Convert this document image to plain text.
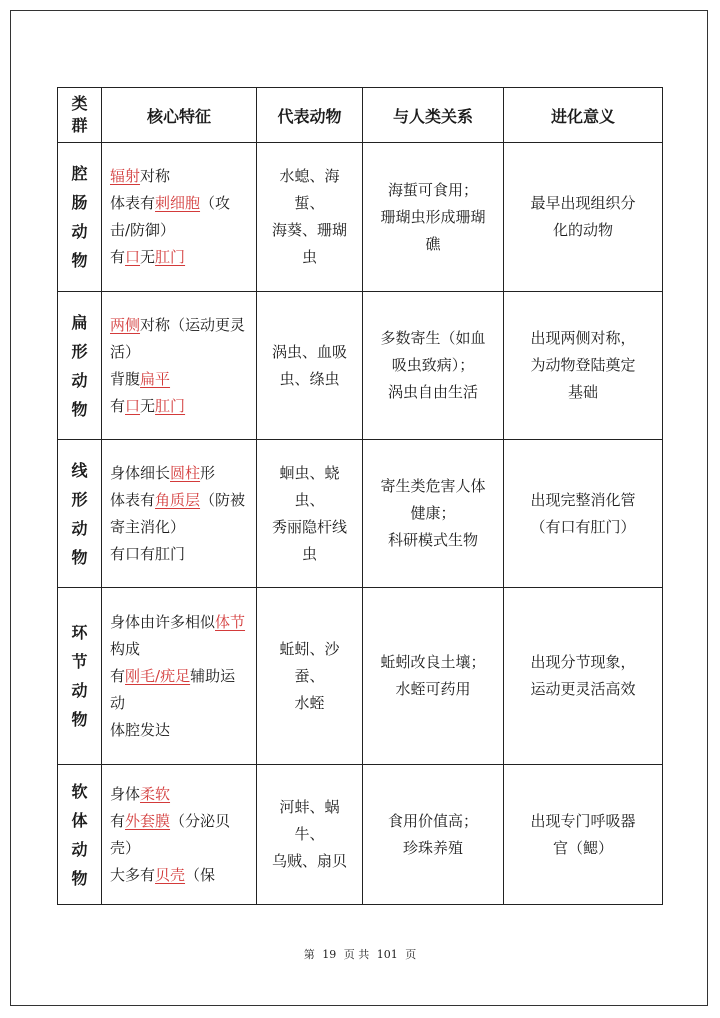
类
群	核心特征	代表动物	与人类关系	进化意义

腔
肠
动
物	辐射对称
体表有刺细胞（攻击/防御）
有口无肛门	水螅、海蜇、
海葵、珊瑚
虫	海蜇可食用；
珊瑚虫形成珊瑚
礁	最早出现组织分
化的动物

扁
形
动
物	两侧对称（运动更灵活）
背腹扁平
有口无肛门	涡虫、血吸
虫、绦虫	多数寄生（如血
吸虫致病）；
涡虫自由生活	出现两侧对称，
为动物登陆奠定
基础

线
形
动
物	身体细长圆柱形
体表有角质层（防被寄主消化）
有口有肛门	蛔虫、蛲虫、
秀丽隐杆线
虫	寄生类危害人体
健康；
科研模式生物	出现完整消化管
（有口有肛门）

环
节
动
物	身体由许多相似体节构成
有刚毛/疣足辅助运动
体腔发达	蚯蚓、沙蚕、
水蛭	蚯蚓改良土壤；
水蛭可药用	出现分节现象，
运动更灵活高效

软
体
动
物	身体柔软
有外套膜（分泌贝壳）
大多有贝壳（保	河蚌、蜗牛、
乌贼、扇贝	食用价值高；
珍珠养殖	出现专门呼吸器
官（鳃）
第 19 页 共 101 页
